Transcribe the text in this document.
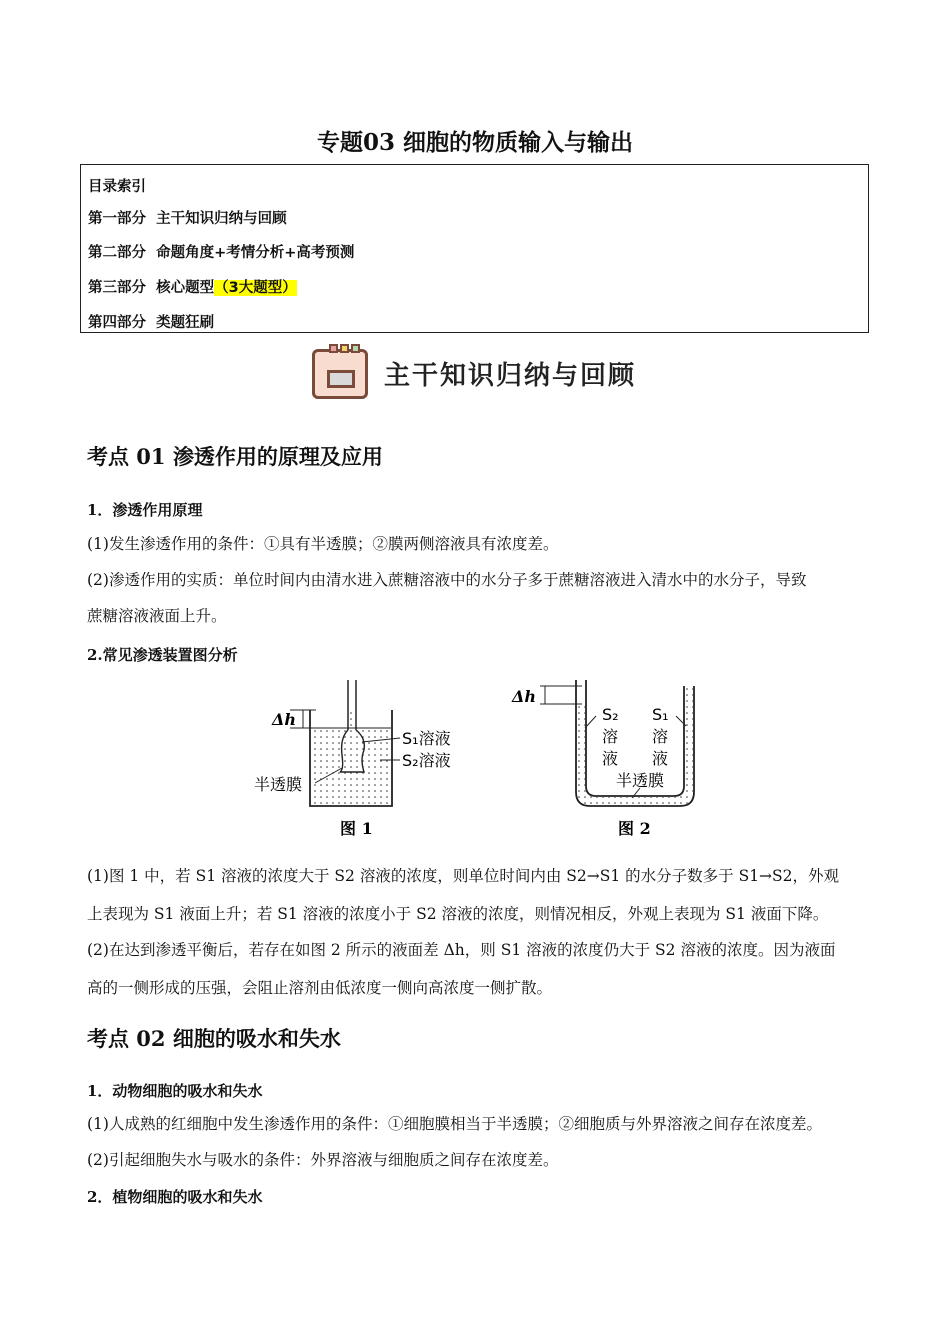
专题03 细胞的物质输入与输出
目录索引
第一部分 主干知识归纳与回顾
第二部分 命题角度+考情分析+高考预测
第三部分 核心题型（3大题型）
第四部分 类题狂刷
主干知识归纳与回顾
考点 01 渗透作用的原理及应用
1．渗透作用原理
(1)发生渗透作用的条件：①具有半透膜；②膜两侧溶液具有浓度差。
(2)渗透作用的实质：单位时间内由清水进入蔗糖溶液中的水分子多于蔗糖溶液进入清水中的水分子，导致
蔗糖溶液液面上升。
2.常见渗透装置图分析
Δh
S₁溶液
S₂溶液
半透膜
图 1
Δh
S₂ S₁
溶 溶
液 液
半透膜
图 2
(1)图 1 中，若 S1 溶液的浓度大于 S2 溶液的浓度，则单位时间内由 S2→S1 的水分子数多于 S1→S2，外观
上表现为 S1 液面上升；若 S1 溶液的浓度小于 S2 溶液的浓度，则情况相反，外观上表现为 S1 液面下降。
(2)在达到渗透平衡后，若存在如图 2 所示的液面差 Δh，则 S1 溶液的浓度仍大于 S2 溶液的浓度。因为液面
高的一侧形成的压强，会阻止溶剂由低浓度一侧向高浓度一侧扩散。
考点 02 细胞的吸水和失水
1．动物细胞的吸水和失水
(1)人成熟的红细胞中发生渗透作用的条件：①细胞膜相当于半透膜；②细胞质与外界溶液之间存在浓度差。
(2)引起细胞失水与吸水的条件：外界溶液与细胞质之间存在浓度差。
2．植物细胞的吸水和失水
